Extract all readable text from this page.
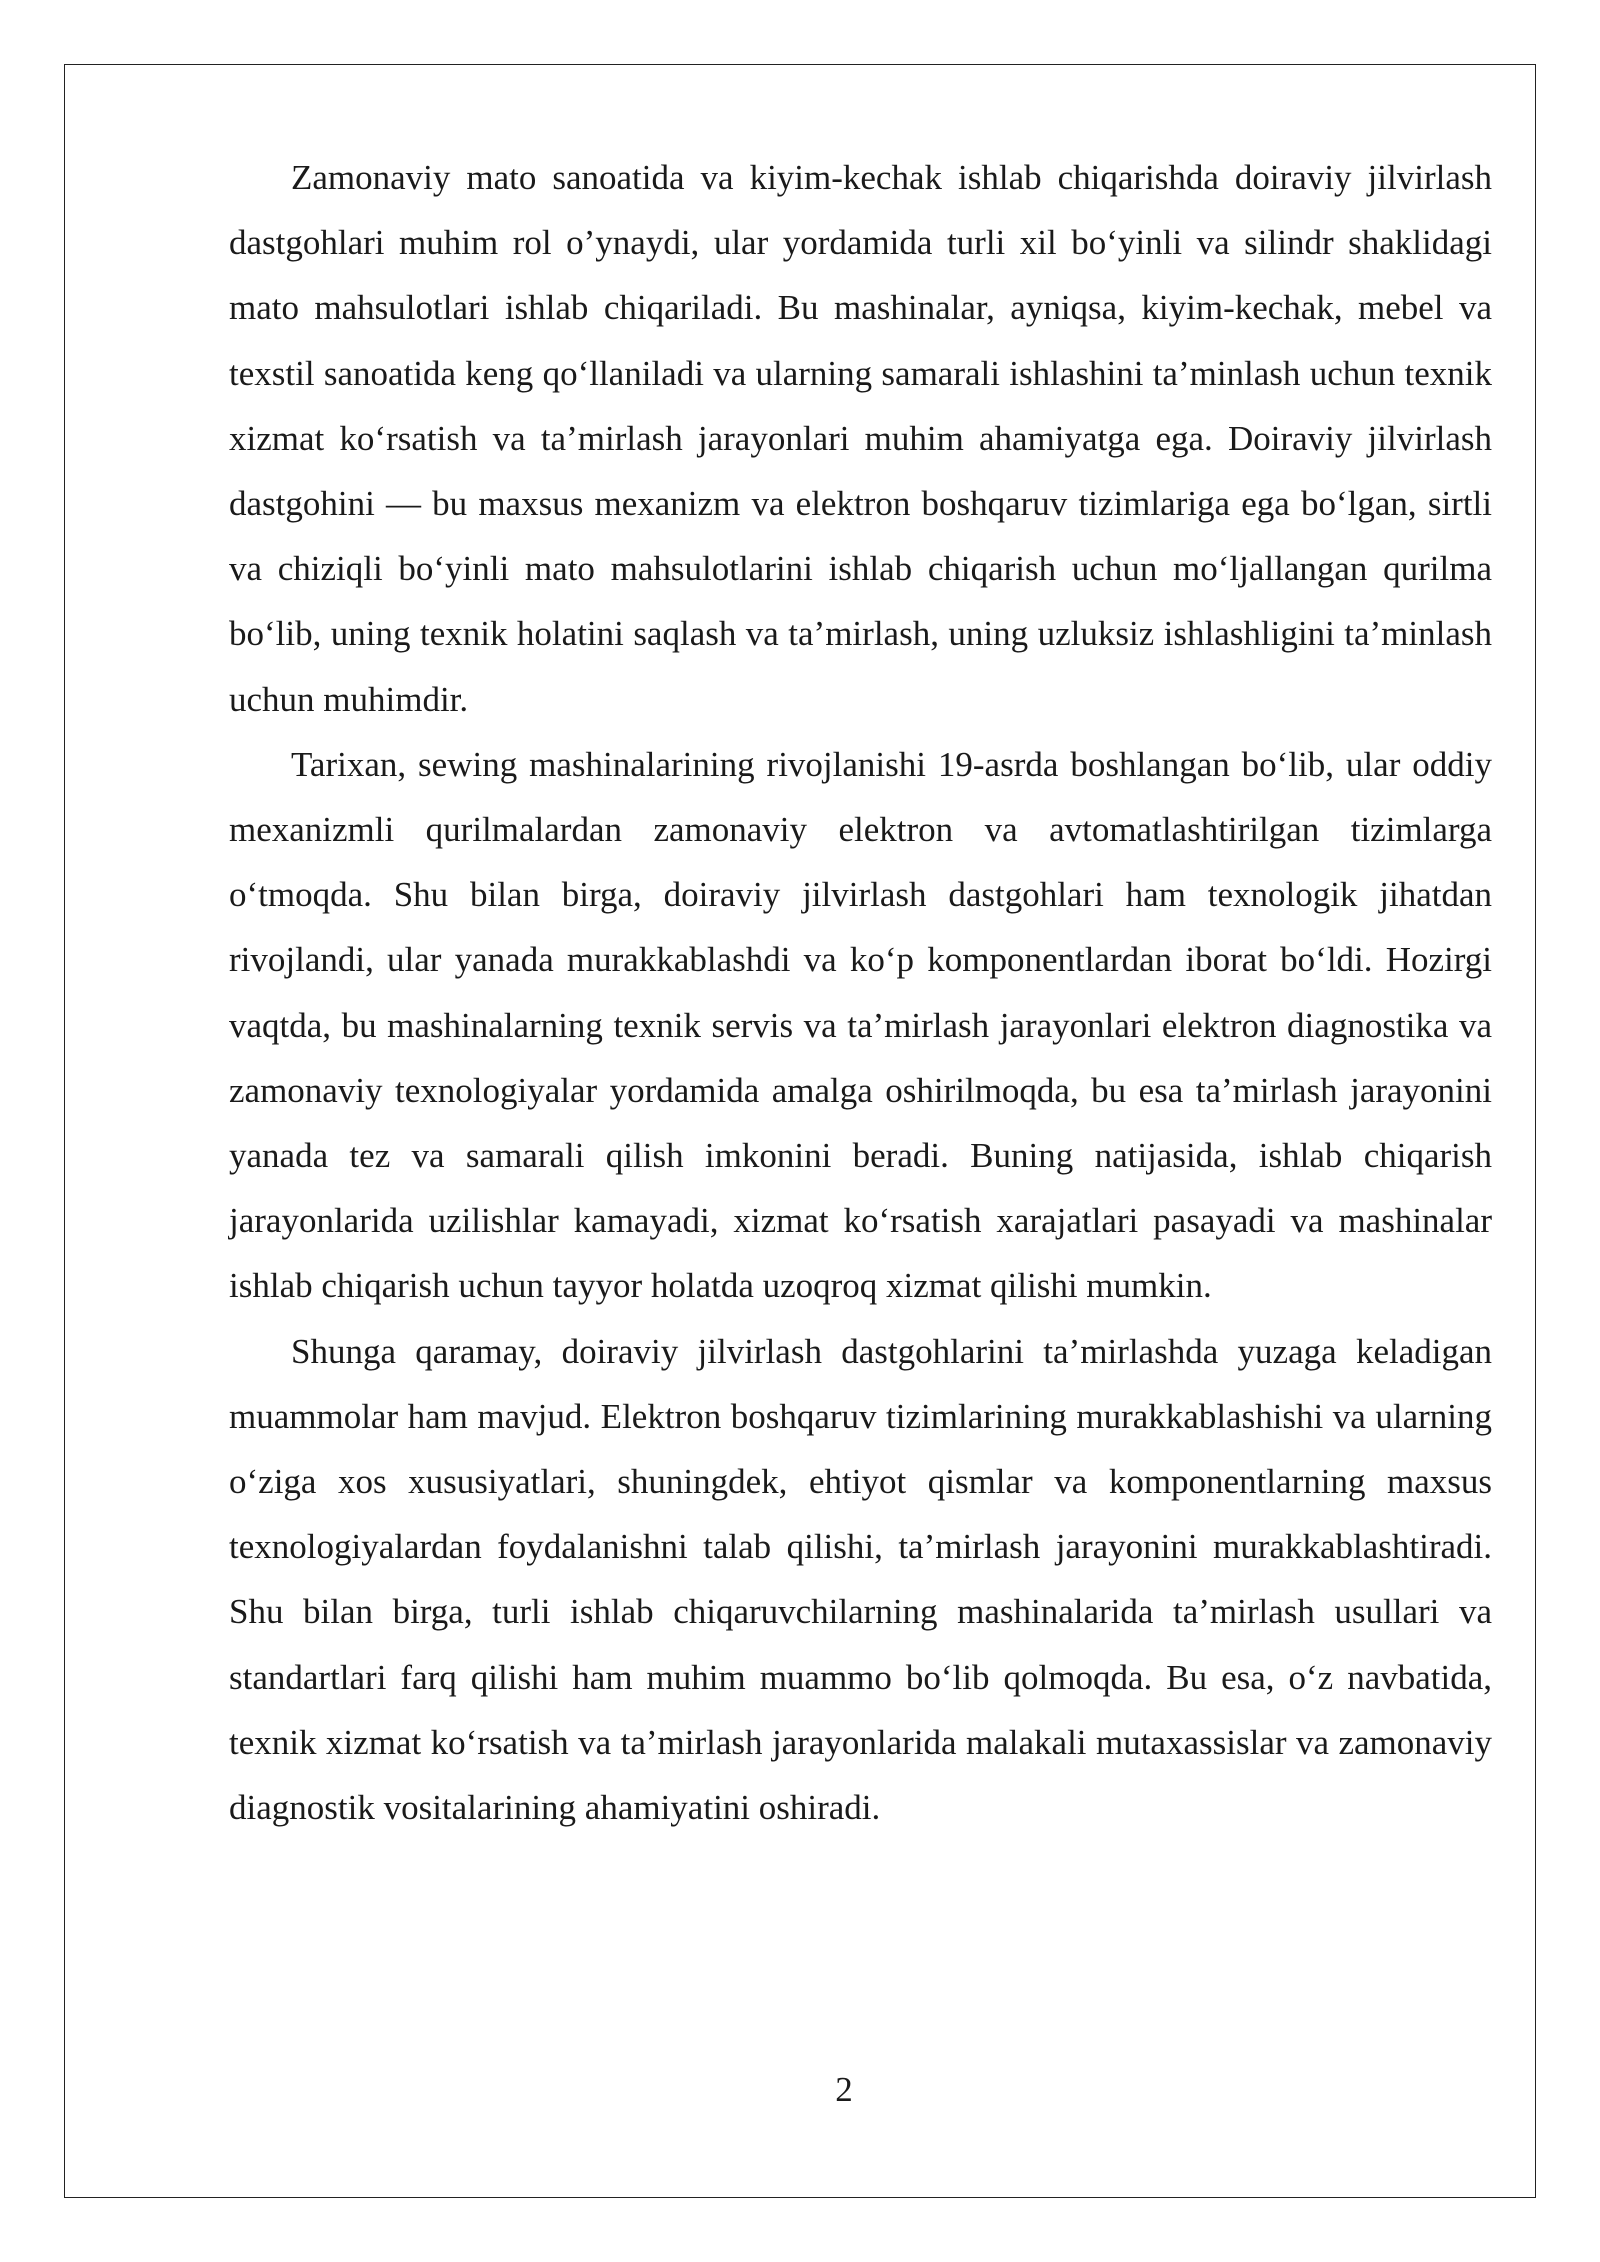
Zamonaviy mato sanoatida va kiyim-kechak ishlab chiqarishda doiraviy jilvirlash dastgohlari muhim rol o’ynaydi, ular yordamida turli xil bo‘yinli va silindr shaklidagi mato mahsulotlari ishlab chiqariladi. Bu mashinalar, ayniqsa, kiyim-kechak, mebel va texstil sanoatida keng qo‘llaniladi va ularning samarali ishlashini ta’minlash uchun texnik xizmat ko‘rsatish va ta’mirlash jarayonlari muhim ahamiyatga ega. Doiraviy jilvirlash dastgohini — bu maxsus mexanizm va elektron boshqaruv tizimlariga ega bo‘lgan, sirtli va chiziqli bo‘yinli mato mahsulotlarini ishlab chiqarish uchun mo‘ljallangan qurilma bo‘lib, uning texnik holatini saqlash va ta’mirlash, uning uzluksiz ishlashligini ta’minlash uchun muhimdir.

Tarixan, sewing mashinalarining rivojlanishi 19-asrda boshlangan bo‘lib, ular oddiy mexanizmli qurilmalardan zamonaviy elektron va avtomatlashtirilgan tizimlarga o‘tmoqda. Shu bilan birga, doiraviy jilvirlash dastgohlari ham texnologik jihatdan rivojlandi, ular yanada murakkablashdi va ko‘p komponentlardan iborat bo‘ldi. Hozirgi vaqtda, bu mashinalarning texnik servis va ta’mirlash jarayonlari elektron diagnostika va zamonaviy texnologiyalar yordamida amalga oshirilmoqda, bu esa ta’mirlash jarayonini yanada tez va samarali qilish imkonini beradi. Buning natijasida, ishlab chiqarish jarayonlarida uzilishlar kamayadi, xizmat ko‘rsatish xarajatlari pasayadi va mashinalar ishlab chiqarish uchun tayyor holatda uzoqroq xizmat qilishi mumkin.

Shunga qaramay, doiraviy jilvirlash dastgohlarini ta’mirlashda yuzaga keladigan muammolar ham mavjud. Elektron boshqaruv tizimlarining murakkablashishi va ularning o‘ziga xos xususiyatlari, shuningdek, ehtiyot qismlar va komponentlarning maxsus texnologiyalardan foydalanishni talab qilishi, ta’mirlash jarayonini murakkablashtiradi. Shu bilan birga, turli ishlab chiqaruvchilarning mashinalarida ta’mirlash usullari va standartlari farq qilishi ham muhim muammo bo‘lib qolmoqda. Bu esa, o‘z navbatida, texnik xizmat ko‘rsatish va ta’mirlash jarayonlarida malakali mutaxassislar va zamonaviy diagnostik vositalarining ahamiyatini oshiradi.

2
